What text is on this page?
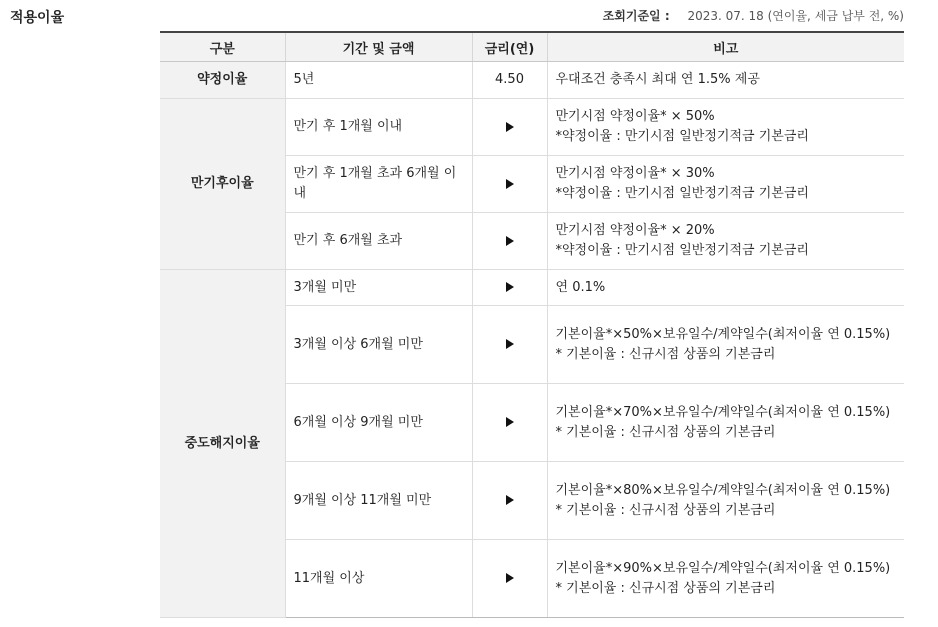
적용이율	조회기준일 : 2023. 07. 18 (연이율, 세금 납부 전, %)
구분	기간 및 금액	금리(연)	비고
약정이율	5년	4.50	우대조건 충족시 최대 연 1.5% 제공
만기후이율	만기 후 1개월 이내		만기시점 약정이율* × 50%
*약정이율 : 만기시점 일반정기적금 기본금리
	만기 후 1개월 초과 6개월 이내		만기시점 약정이율* × 30%
*약정이율 : 만기시점 일반정기적금 기본금리
	만기 후 6개월 초과		만기시점 약정이율* × 20%
*약정이율 : 만기시점 일반정기적금 기본금리
중도해지이율	3개월 미만		연 0.1%
	3개월 이상 6개월 미만		기본이율*×50%×보유일수/계약일수(최저이율 연 0.15%)
* 기본이율 : 신규시점 상품의 기본금리
	6개월 이상 9개월 미만		기본이율*×70%×보유일수/계약일수(최저이율 연 0.15%)
* 기본이율 : 신규시점 상품의 기본금리
	9개월 이상 11개월 미만		기본이율*×80%×보유일수/계약일수(최저이율 연 0.15%)
* 기본이율 : 신규시점 상품의 기본금리
	11개월 이상		기본이율*×90%×보유일수/계약일수(최저이율 연 0.15%)
* 기본이율 : 신규시점 상품의 기본금리
